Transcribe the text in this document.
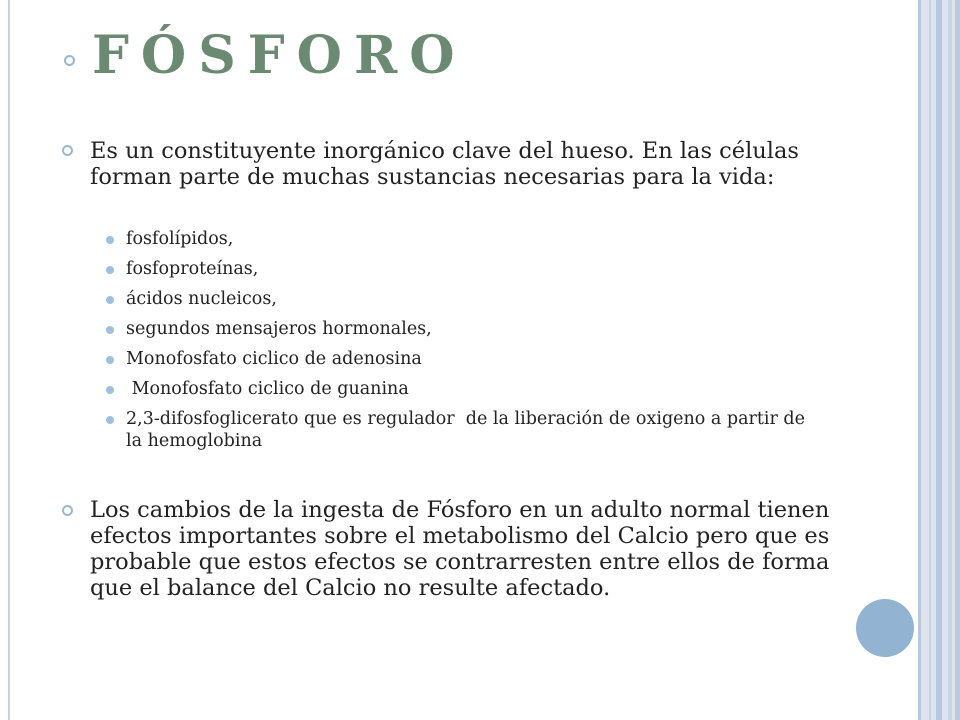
FÓSFORO

Es un constituyente inorgánico clave del hueso. En las células forman parte de muchas sustancias necesarias para la vida:

fosfolípidos,
fosfoproteínas,
ácidos nucleicos,
segundos mensajeros hormonales,
Monofosfato ciclico de adenosina
Monofosfato ciclico de guanina
2,3-difosfoglicerato que es regulador  de la liberación de oxigeno a partir de la hemoglobina

Los cambios de la ingesta de Fósforo en un adulto normal tienen efectos importantes sobre el metabolismo del Calcio pero que es probable que estos efectos se contrarresten entre ellos de forma que el balance del Calcio no resulte afectado.
